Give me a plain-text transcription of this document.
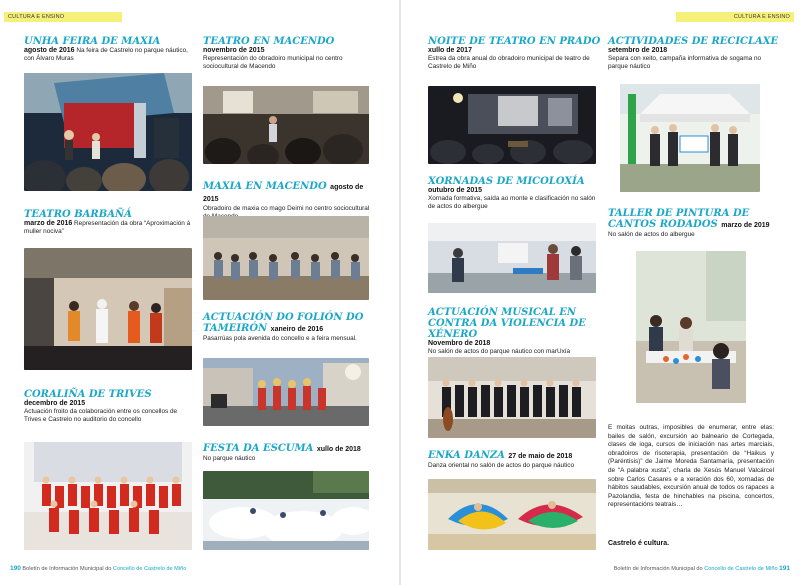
CULTURA E ENSINO	CULTURA E ENSINO

UNHA FEIRA DE MAXIA

agosto de 2016 Na feira de Castrelo no parque náutico, con Álvaro Muras

TEATRO BARBAÑÁ

marzo de 2016 Representación da obra “Aproximación á muller nociva”

CORALIÑA DE TRIVES

decembro de 2015
Actuación froito da colaboración entre os concellos de Trives e Castrelo no auditorio do concello

TEATRO EN MACENDO

novembro de 2015
Representación do obradoiro municipal no centro sociocultural de Macendo

MAXIA EN MACENDO agosto de 2015

Obradoiro de maxia co mago Deimi no centro sociocultural

ACTUACIÓN DO FOLIÓN DO TAMEIRÓN xaneiro de 2016

Pasarrúas pola avenida do concello e a feira mensual.

FESTA DA ESCUMA xullo de 2018

No parque náutico

NOITE DE TEATRO EN PRADO

xullo de 2017
Estrea da obra anual do obradoiro municipal de teatro de Castrelo de Miño

XORNADAS DE MICOLOXÍA

outubro de 2015
Xornada formativa, saída ao monte e clasificación no salón de actos do albergue

ACTUACIÓN MUSICAL EN CONTRA DA VIOLENCIA DE XÉNERO

Novembro de 2018
No salón de actos do parque náutico con marUxía

ENKA DANZA 27 de maio de 2018

Danza oriental no salón de actos do parque náutico

ACTIVIDADES DE RECICLAXE

setembro de 2018
Separa con xeito, campaña informativa de sogama no parque náutico

TALLER DE PINTURA DE CANTOS RODADOS marzo de 2019

No salón de actos do albergue

E moitas outras, imposibles de enumerar, entre elas: bailes de salón, excursión ao balneario de Cortegada, clases de ioga, cursos de iniciación nas artes marciais, obradoiros de risoterapia, presentación de “Haikus y (Paréntisis)” de Jaime Moreda Santamaría, presentación de “A palabra xusta”, charla de Xesús Manuel Valcárcel sobre Carlos Casares e a xeración dos 60, xornadas de hábitos saudables, excursión anual de todos os rapaces a Pazolandia, festa de hinchables na piscina, concertos, representacións teatrais…
Castrelo é cultura.
190 Boletín de Información Municipal do Concello de Castrelo de Miño	Boletín de Información Municipal do Concello de Castrelo de Miño 191
